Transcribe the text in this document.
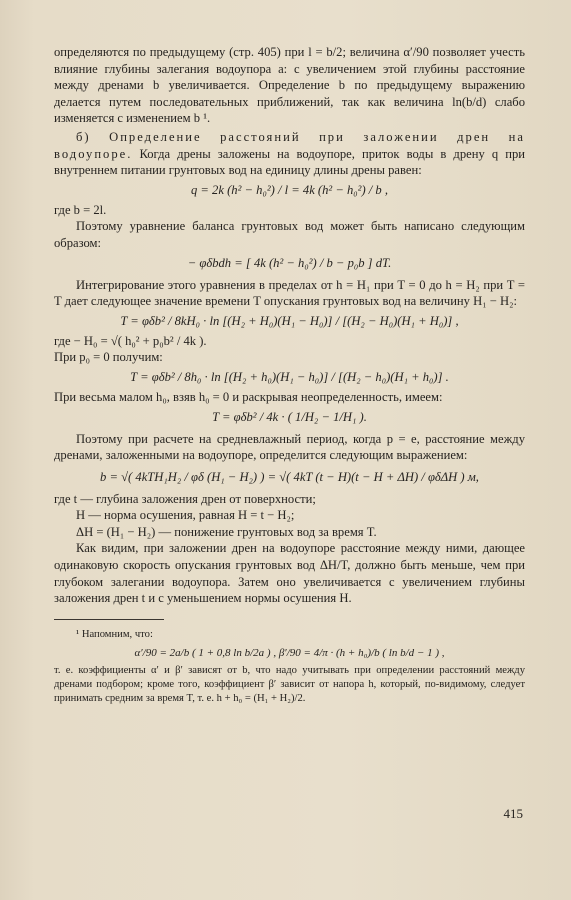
определяются по предыдущему (стр. 405) при l = b/2; величина α′/90 позволяет учесть влияние глубины залегания водоупора a: с увеличением этой глубины расстояние между дренами b увеличивается. Определение b по предыдущему выражению делается путем последовательных приближений, так как величина ln(b/d) слабо изменяется с изменением b ¹.

б) Определение расстояний при заложении дрен на водоупоре. Когда дрены заложены на водоупоре, приток воды в дрену q при внутреннем питании грунтовых вод на единицу длины дрены равен:

q = 2k (h² − h₀²) / l = 4k (h² − h₀²) / b ,

где b = 2l.

Поэтому уравнение баланса грунтовых вод может быть написано следующим образом:

− φδbdh = [ 4k (h² − h₀²) / b − p₀b ] dT.

Интегрирование этого уравнения в пределах от h = H₁ при T = 0 до h = H₂ при T = T дает следующее значение времени T опускания грунтовых вод на величину H₁ − H₂:

T = φδb² / 8kH₀ · ln [(H₂ + H₀)(H₁ − H₀)] / [(H₂ − H₀)(H₁ + H₀)] ,

где − H₀ = √( h₀² + p₀b² / 4k ).

При p₀ = 0 получим:

T = φδb² / 8h₀ · ln [(H₂ + h₀)(H₁ − h₀)] / [(H₂ − h₀)(H₁ + h₀)] .

При весьма малом h₀, взяв h₀ = 0 и раскрывая неопределенность, имеем:

T = φδb² / 4k · ( 1/H₂ − 1/H₁ ).

Поэтому при расчете на средневлажный период, когда p = e, расстояние между дренами, заложенными на водоупоре, определится следующим выражением:

b = √( 4kTH₁H₂ / φδ (H₁ − H₂) ) = √( 4kT (t − H)(t − H + ΔH) / φδΔH ) м,

где t — глубина заложения дрен от поверхности;

H — норма осушения, равная H = t − H₂;

ΔH = (H₁ − H₂) — понижение грунтовых вод за время T.

Как видим, при заложении дрен на водоупоре расстояние между ними, дающее одинаковую скорость опускания грунтовых вод ΔH/T, должно быть меньше, чем при глубоком залегании водоупора. Затем оно увеличивается с увеличением глубины заложения дрен t и с уменьшением нормы осушения H.

¹ Напомним, что:

α′/90 = 2a/b ( 1 + 0,8 ln b/2a ) , β′/90 = 4/π · (h + h₀)/b ( ln b/d − 1 ) ,

т. е. коэффициенты α′ и β′ зависят от b, что надо учитывать при определении расстояний между дренами подбором; кроме того, коэффициент β′ зависит от напора h, который, по-видимому, следует принимать средним за время T, т. е. h + h₀ = (H₁ + H₂)/2.

415
